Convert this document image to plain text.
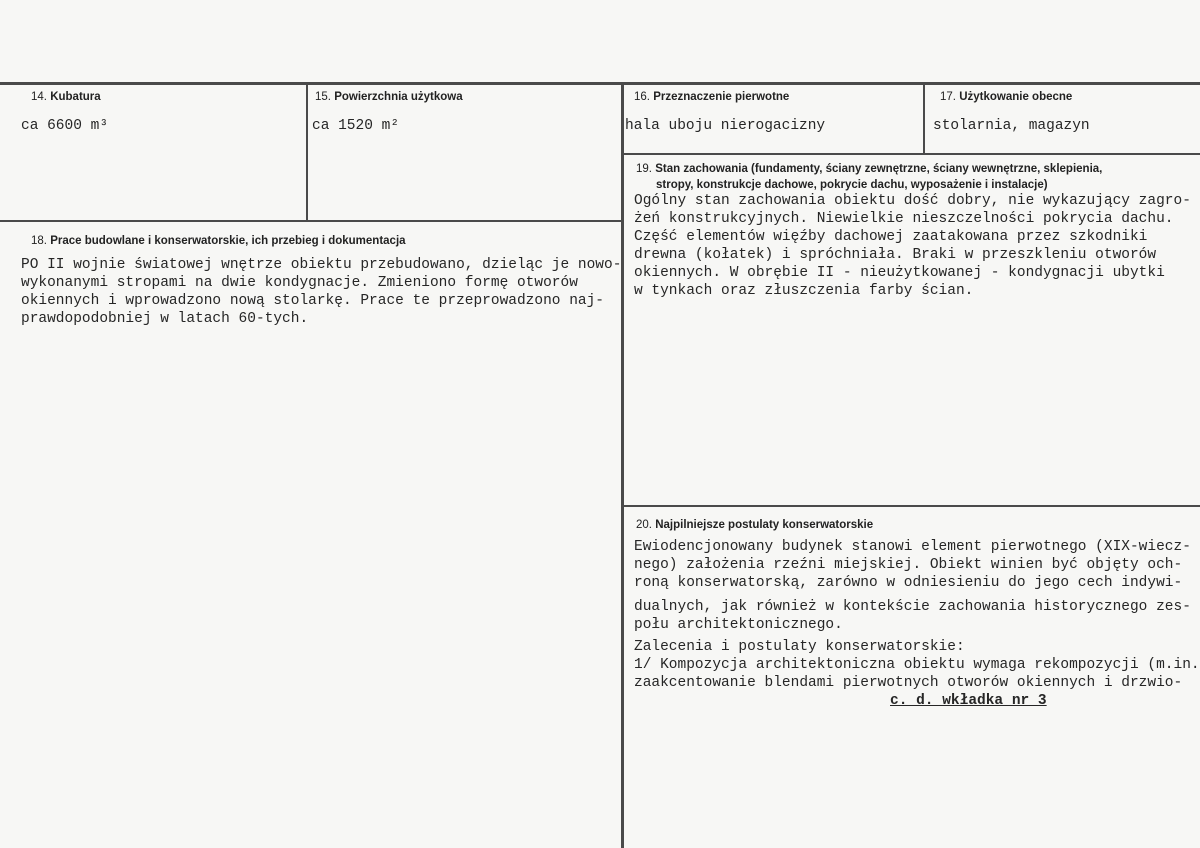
14. Kubatura
ca 6600 m³
15. Powierzchnia użytkowa
ca 1520 m²
16. Przeznaczenie pierwotne
hala uboju nierogacizny
17. Użytkowanie obecne
stolarnia, magazyn
18. Prace budowlane i konserwatorskie, ich przebieg i dokumentacja
PO II wojnie światowej wnętrze obiektu przebudowano, dzieląc je nowo-
wykonanymi stropami na dwie kondygnacje. Zmieniono formę otworów
okiennych i wprowadzono nową stolarkę. Prace te przeprowadzono naj-
prawdopodobniej w latach 60-tych.
19. Stan zachowania (fundamenty, ściany zewnętrzne, ściany wewnętrzne, sklepienia,
stropy, konstrukcje dachowe, pokrycie dachu, wyposażenie i instalacje)
Ogólny stan zachowania obiektu dość dobry, nie wykazujący zagro-
żeń konstrukcyjnych. Niewielkie nieszczelności pokrycia dachu.
Część elementów więźby dachowej zaatakowana przez szkodniki
drewna (kołatek) i spróchniała. Braki w przeszkleniu otworów
okiennych. W obrębie II - nieużytkowanej - kondygnacji ubytki
w tynkach oraz złuszczenia farby ścian.
20. Najpilniejsze postulaty konserwatorskie
Ewiodencjonowany budynek stanowi element pierwotnego (XIX-wiecz-
nego) założenia rzeźni miejskiej. Obiekt winien być objęty och-
roną konserwatorską, zarówno w odniesieniu do jego cech indywi-
dualnych, jak również w kontekście zachowania historycznego zes-
połu architektonicznego.
Zalecenia i postulaty konserwatorskie:
1/ Kompozycja architektoniczna obiektu wymaga rekompozycji (m.in.
zaakcentowanie blendami pierwotnych otworów okiennych i drzwio-
c. d. wkładka nr 3
